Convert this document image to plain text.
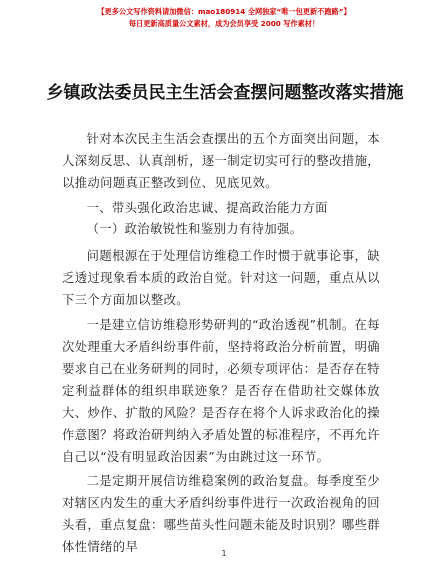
【更多公文写作资料请加微信：mao180914 全网独家“唯一包更新不跑路”】
每日更新高质量公文素材，成为会员享受 2000 写作素材！
乡镇政法委员民主生活会查摆问题整改落实措施

针对本次民主生活会查摆出的五个方面突出问题，本人深刻反思、认真剖析，逐一制定切实可行的整改措施，以推动问题真正整改到位、见底见效。

一、带头强化政治忠诚、提高政治能力方面
（一）政治敏锐性和鉴别力有待加强。

问题根源在于处理信访维稳工作时惯于就事论事，缺乏透过现象看本质的政治自觉。针对这一问题，重点从以下三个方面加以整改。

一是建立信访维稳形势研判的“政治透视”机制。在每次处理重大矛盾纠纷事件前，坚持将政治分析前置，明确要求自己在业务研判的同时，必须专项评估：是否存在特定利益群体的组织串联迹象？是否存在借助社交媒体放大、炒作、扩散的风险？是否存在将个人诉求政治化的操作意图？将政治研判纳入矛盾处置的标准程序，不再允许自己以“没有明显政治因素”为由跳过这一环节。

二是定期开展信访维稳案例的政治复盘。每季度至少对辖区内发生的重大矛盾纠纷事件进行一次政治视角的回头看，重点复盘：哪些苗头性问题未能及时识别？哪些群体性情绪的早	1
